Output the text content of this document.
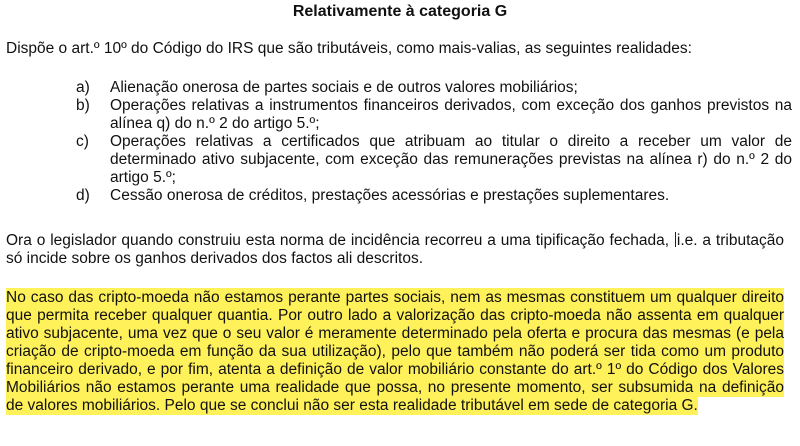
Relativamente à categoria G
Dispõe o art.º 10º do Código do IRS que são tributáveis, como mais-valias, as seguintes realidades:
a)	Alienação onerosa de partes sociais e de outros valores mobiliários;
b)	Operações relativas a instrumentos financeiros derivados, com exceção dos ganhos previstos na alínea q) do n.º 2 do artigo 5.º;
c)	Operações relativas a certificados que atribuam ao titular o direito a receber um valor de determinado ativo subjacente, com exceção das remunerações previstas na alínea r) do n.º 2 do artigo 5.º;
d)	Cessão onerosa de créditos, prestações acessórias e prestações suplementares.
Ora o legislador quando construiu esta norma de incidência recorreu a uma tipificação fechada, i.e. a tributação só incide sobre os ganhos derivados dos factos ali descritos.
No caso das cripto-moeda não estamos perante partes sociais, nem as mesmas constituem um qualquer direito que permita receber qualquer quantia. Por outro lado a valorização das cripto-moeda não assenta em qualquer ativo subjacente, uma vez que o seu valor é meramente determinado pela oferta e procura das mesmas (e pela criação de cripto-moeda em função da sua utilização), pelo que também não poderá ser tida como um produto financeiro derivado, e por fim, atenta a definição de valor mobiliário constante do art.º 1º do Código dos Valores Mobiliários não estamos perante uma realidade que possa, no presente momento, ser subsumida na definição de valores mobiliários. Pelo que se conclui não ser esta realidade tributável em sede de categoria G.
